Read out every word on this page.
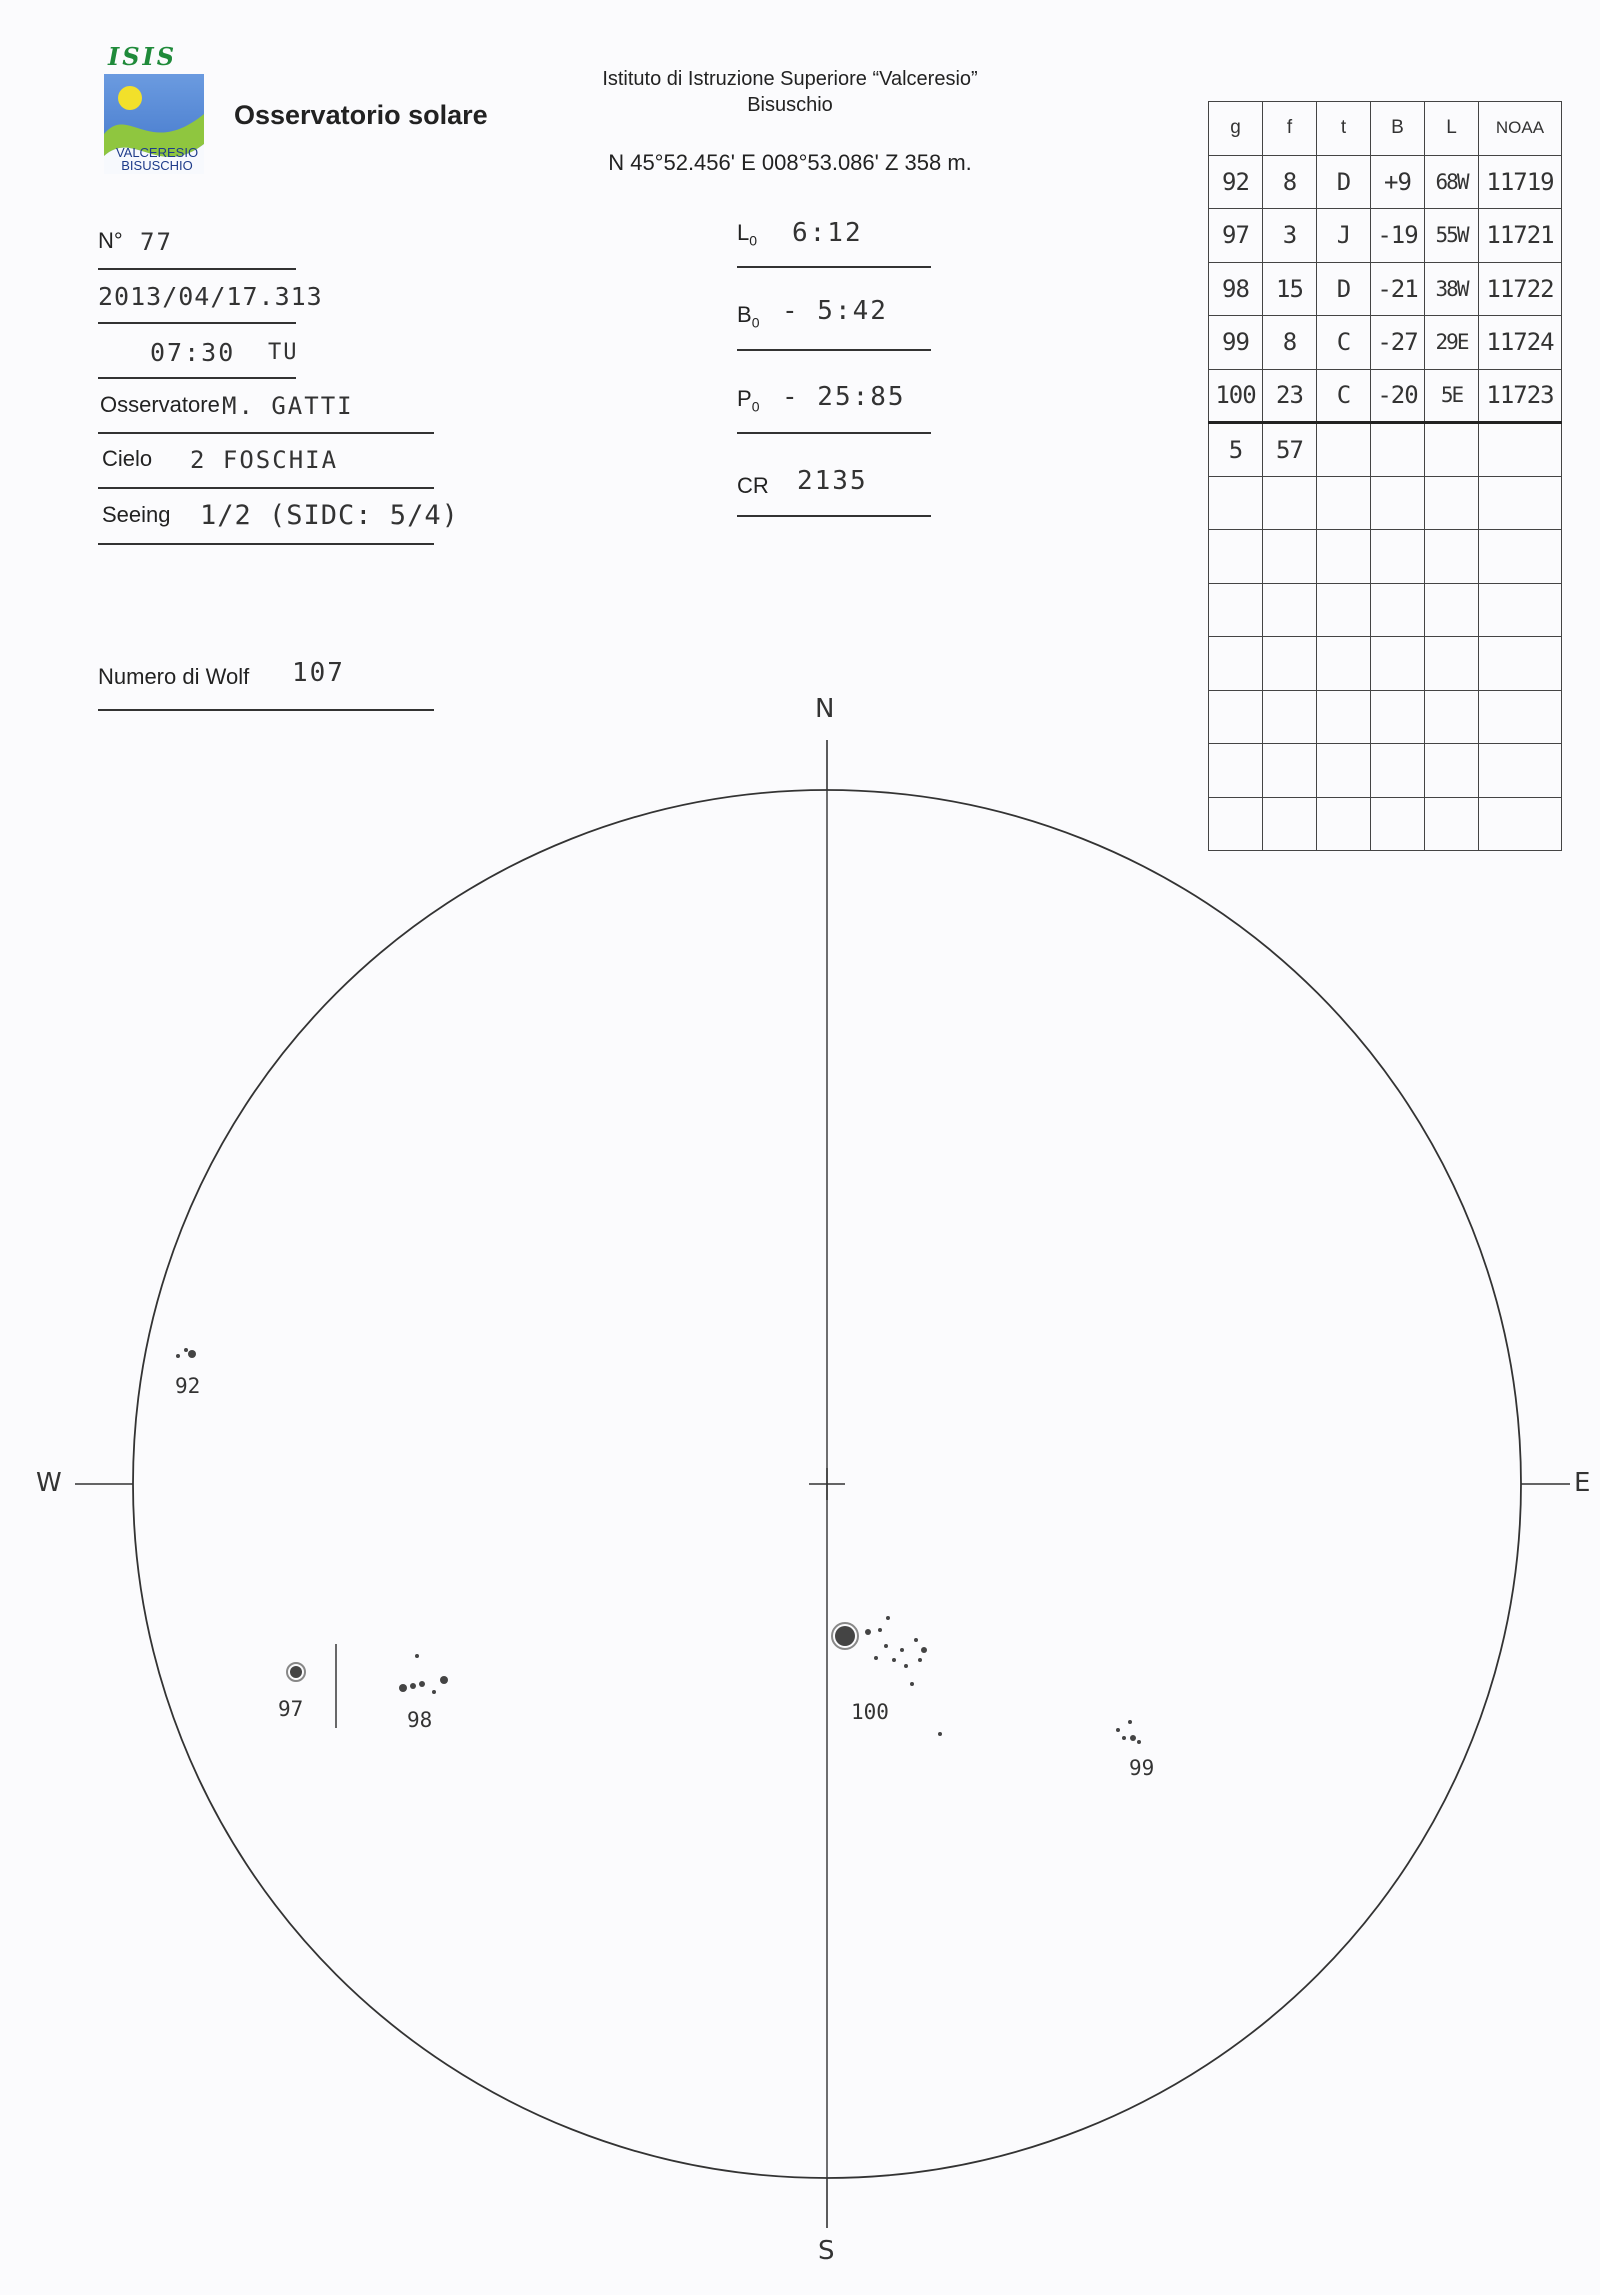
ISIS
VALCERESIO
BISUSCHIO
Osservatorio solare
Istituto di Istruzione Superiore “Valceresio”
Bisuschio
N 45°52.456' E 008°53.086' Z 358 m.
N° 77
2013/04/17.313
07:30 TU
Osservatore M. GATTI
Cielo 2 FOSCHIA
Seeing 1/2 (SIDC: 5/4)
Numero di Wolf 107
$L_0$ 6:12
$B_0$ - 5:42
$P_0$ - 25:85
CR 2135
g	f	t	B	L	NOAA
92	8	D	+9	68W	11719
97	3	J	-19	55W	11721
98	15	D	-21	38W	11722
99	8	C	-27	29E	11724
100	23	C	-20	5E	11723
5	57				

N
S
W	E
92
97	98	100
99
